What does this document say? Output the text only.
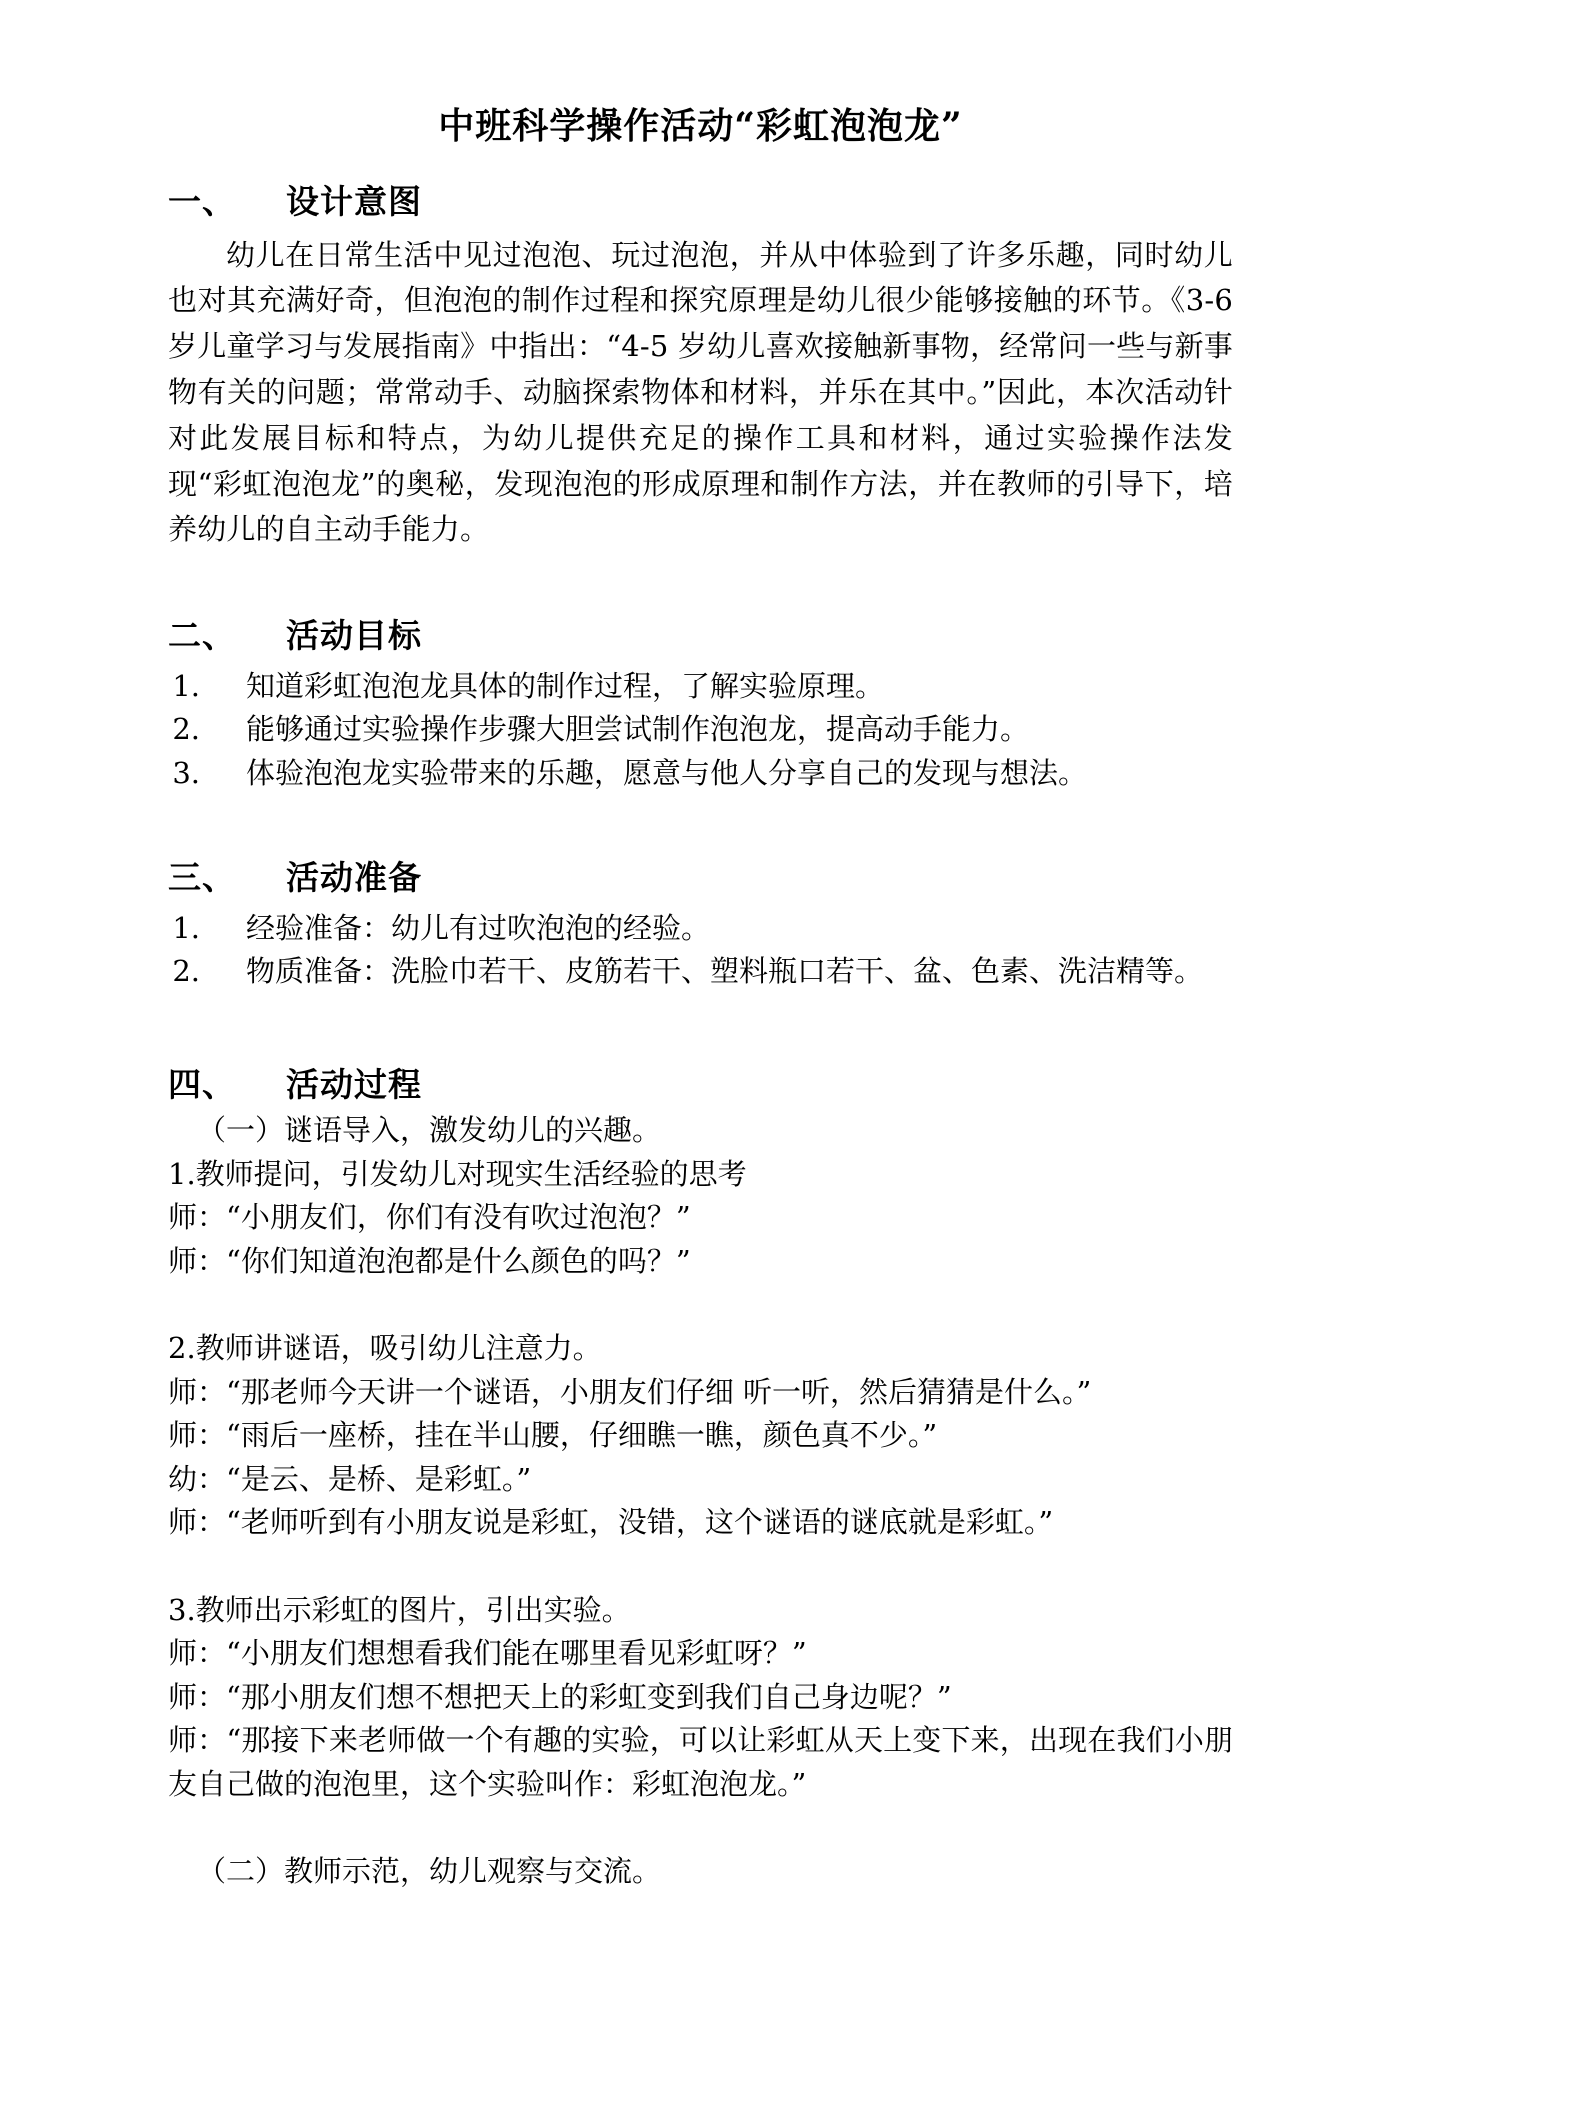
中班科学操作活动“彩虹泡泡龙”
一、    设计意图

幼儿在日常生活中见过泡泡、玩过泡泡，并从中体验到了许多乐趣，同时幼儿也对其充满好奇，但泡泡的制作过程和探究原理是幼儿很少能够接触的环节。《3-6 岁儿童学习与发展指南》中指出：“4-5 岁幼儿喜欢接触新事物，经常问一些与新事物有关的问题；常常动手、动脑探索物体和材料，并乐在其中。”因此，本次活动针对此发展目标和特点，为幼儿提供充足的操作工具和材料，通过实验操作法发现“彩虹泡泡龙”的奥秘，发现泡泡的形成原理和制作方法，并在教师的引导下，培养幼儿的自主动手能力。

二、    活动目标
1.	知道彩虹泡泡龙具体的制作过程，了解实验原理。
2.	能够通过实验操作步骤大胆尝试制作泡泡龙，提高动手能力。
3.	体验泡泡龙实验带来的乐趣，愿意与他人分享自己的发现与想法。
三、    活动准备
1.	经验准备：幼儿有过吹泡泡的经验。
2.	物质准备：洗脸巾若干、皮筋若干、塑料瓶口若干、盆、色素、洗洁精等。
四、    活动过程

（一）谜语导入，激发幼儿的兴趣。

1.教师提问，引发幼儿对现实生活经验的思考

师：“小朋友们，你们有没有吹过泡泡？”

师：“你们知道泡泡都是什么颜色的吗？”

2.教师讲谜语，吸引幼儿注意力。

师：“那老师今天讲一个谜语，小朋友们仔细 听一听，然后猜猜是什么。”

师：“雨后一座桥，挂在半山腰，仔细瞧一瞧，颜色真不少。”

幼：“是云、是桥、是彩虹。”

师：“老师听到有小朋友说是彩虹，没错，这个谜语的谜底就是彩虹。”

3.教师出示彩虹的图片，引出实验。

师：“小朋友们想想看我们能在哪里看见彩虹呀？”

师：“那小朋友们想不想把天上的彩虹变到我们自己身边呢？”

师：“那接下来老师做一个有趣的实验，可以让彩虹从天上变下来，出现在我们小朋友自己做的泡泡里，这个实验叫作：彩虹泡泡龙。”

（二）教师示范，幼儿观察与交流。
